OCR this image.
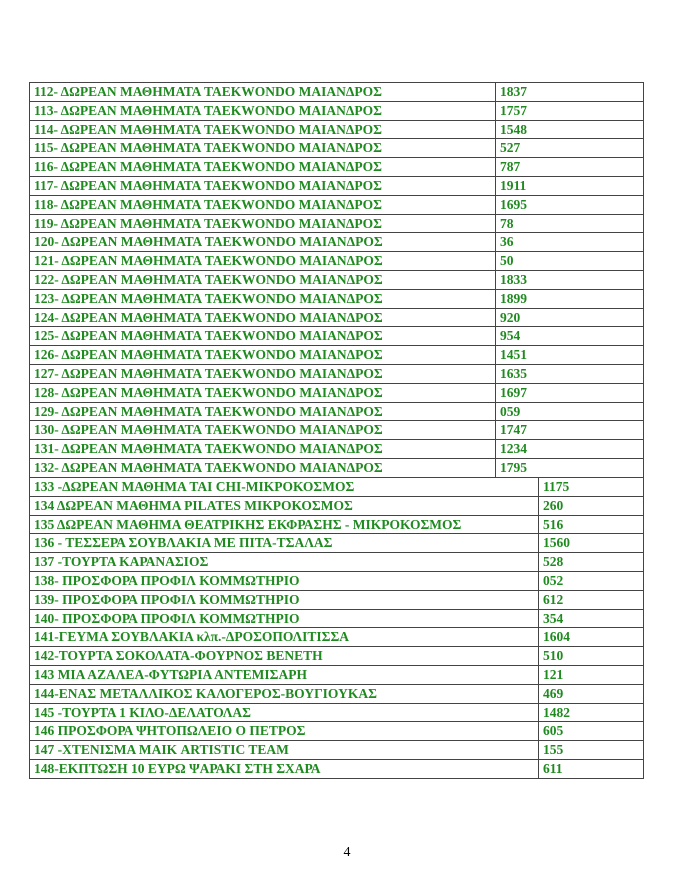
112- ΔΩΡΕΑΝ ΜΑΘΗΜΑΤΑ TAEKWONDO ΜΑΙΑΝΔΡΟΣ	1837
113- ΔΩΡΕΑΝ ΜΑΘΗΜΑΤΑ TAEKWONDO ΜΑΙΑΝΔΡΟΣ	1757
114- ΔΩΡΕΑΝ ΜΑΘΗΜΑΤΑ TAEKWONDO ΜΑΙΑΝΔΡΟΣ	1548
115- ΔΩΡΕΑΝ ΜΑΘΗΜΑΤΑ TAEKWONDO ΜΑΙΑΝΔΡΟΣ	527
116- ΔΩΡΕΑΝ ΜΑΘΗΜΑΤΑ TAEKWONDO ΜΑΙΑΝΔΡΟΣ	787
117- ΔΩΡΕΑΝ ΜΑΘΗΜΑΤΑ TAEKWONDO ΜΑΙΑΝΔΡΟΣ	1911
118- ΔΩΡΕΑΝ ΜΑΘΗΜΑΤΑ TAEKWONDO ΜΑΙΑΝΔΡΟΣ	1695
119- ΔΩΡΕΑΝ ΜΑΘΗΜΑΤΑ TAEKWONDO ΜΑΙΑΝΔΡΟΣ	78
120- ΔΩΡΕΑΝ ΜΑΘΗΜΑΤΑ TAEKWONDO ΜΑΙΑΝΔΡΟΣ	36
121- ΔΩΡΕΑΝ ΜΑΘΗΜΑΤΑ TAEKWONDO ΜΑΙΑΝΔΡΟΣ	50
122- ΔΩΡΕΑΝ ΜΑΘΗΜΑΤΑ TAEKWONDO ΜΑΙΑΝΔΡΟΣ	1833
123- ΔΩΡΕΑΝ ΜΑΘΗΜΑΤΑ TAEKWONDO ΜΑΙΑΝΔΡΟΣ	1899
124- ΔΩΡΕΑΝ ΜΑΘΗΜΑΤΑ TAEKWONDO ΜΑΙΑΝΔΡΟΣ	920
125- ΔΩΡΕΑΝ ΜΑΘΗΜΑΤΑ TAEKWONDO ΜΑΙΑΝΔΡΟΣ	954
126- ΔΩΡΕΑΝ ΜΑΘΗΜΑΤΑ TAEKWONDO ΜΑΙΑΝΔΡΟΣ	1451
127- ΔΩΡΕΑΝ ΜΑΘΗΜΑΤΑ TAEKWONDO ΜΑΙΑΝΔΡΟΣ	1635
128- ΔΩΡΕΑΝ ΜΑΘΗΜΑΤΑ TAEKWONDO ΜΑΙΑΝΔΡΟΣ	1697
129- ΔΩΡΕΑΝ ΜΑΘΗΜΑΤΑ TAEKWONDO ΜΑΙΑΝΔΡΟΣ	059
130- ΔΩΡΕΑΝ ΜΑΘΗΜΑΤΑ TAEKWONDO ΜΑΙΑΝΔΡΟΣ	1747
131- ΔΩΡΕΑΝ ΜΑΘΗΜΑΤΑ TAEKWONDO ΜΑΙΑΝΔΡΟΣ	1234
132- ΔΩΡΕΑΝ ΜΑΘΗΜΑΤΑ TAEKWONDO ΜΑΙΑΝΔΡΟΣ	1795
133 -ΔΩΡΕΑΝ ΜΑΘΗΜΑ TAI CHI-ΜΙΚΡΟΚΟΣΜΟΣ	1175
134 ΔΩΡΕΑΝ ΜΑΘΗΜΑ PILATES ΜΙΚΡΟΚΟΣΜΟΣ	260
135 ΔΩΡΕΑΝ ΜΑΘΗΜΑ ΘΕΑΤΡΙΚΗΣ ΕΚΦΡΑΣΗΣ - ΜΙΚΡΟΚΟΣΜΟΣ	516
136 - ΤΕΣΣΕΡΑ ΣΟΥΒΛΑΚΙΑ ΜΕ ΠΙΤΑ-ΤΣΑΛΑΣ	1560
137 -ΤΟΥΡΤΑ ΚΑΡΑΝΑΣΙΟΣ	528
138- ΠΡΟΣΦΟΡΑ ΠΡΟΦΙΛ ΚΟΜΜΩΤΗΡΙΟ	052
139- ΠΡΟΣΦΟΡΑ ΠΡΟΦΙΛ ΚΟΜΜΩΤΗΡΙΟ	612
140- ΠΡΟΣΦΟΡΑ ΠΡΟΦΙΛ ΚΟΜΜΩΤΗΡΙΟ	354
141-ΓΕΥΜΑ ΣΟΥΒΛΑΚΙΑ κλπ.-ΔΡΟΣΟΠΟΛΙΤΙΣΣΑ	1604
142-ΤΟΥΡΤΑ ΣΟΚΟΛΑΤΑ-ΦΟΥΡΝΟΣ ΒΕΝΕΤΗ	510
143 ΜΙΑ ΑΖΑΛΕΑ-ΦΥΤΩΡΙΑ ΑΝΤΕΜΙΣΑΡΗ	121
144-ΕΝΑΣ ΜΕΤΑΛΛΙΚΟΣ ΚΑΛΟΓΕΡΟΣ-ΒΟΥΓΙΟΥΚΑΣ	469
145 -ΤΟΥΡΤΑ 1 ΚΙΛΟ-ΔΕΛΑΤΟΛΑΣ	1482
146 ΠΡΟΣΦΟΡΑ ΨΗΤΟΠΩΛΕΙΟ Ο ΠΕΤΡΟΣ	605
147 -ΧΤΕΝΙΣΜΑ ΜΑΙΚ ARTISTIC TEAM	155
148-ΕΚΠΤΩΣΗ 10 ΕΥΡΩ ΨΑΡΑΚΙ ΣΤΗ ΣΧΑΡΑ	611
4
